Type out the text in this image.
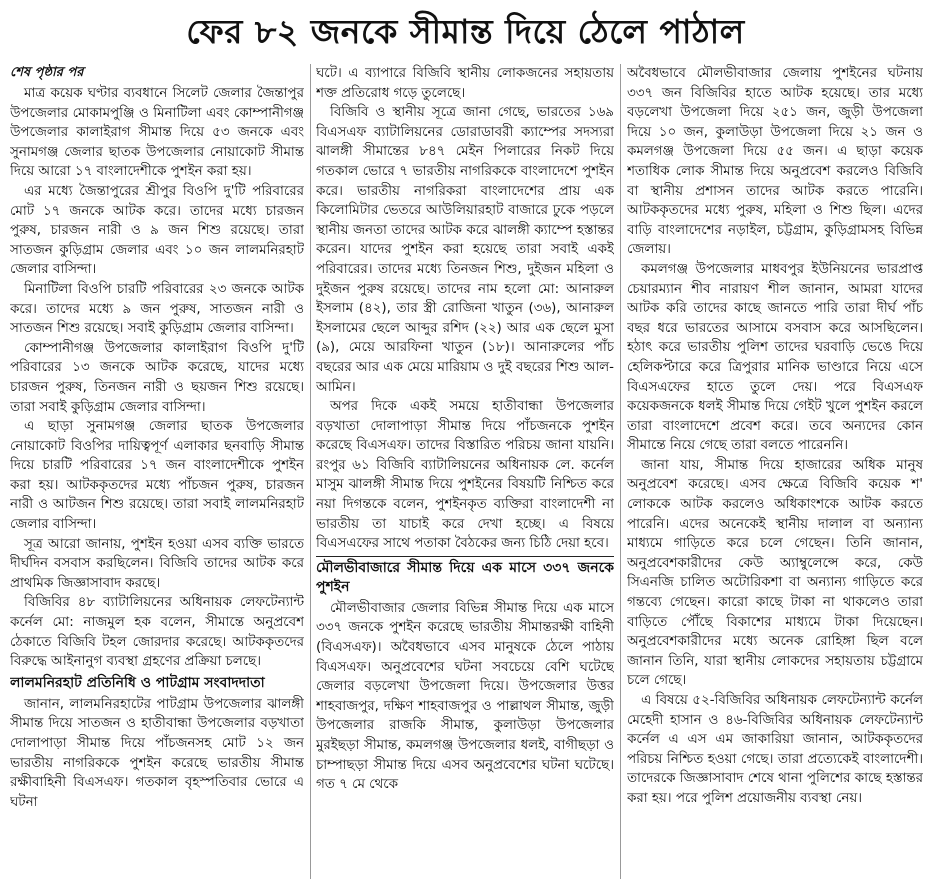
ফের ৮২ জনকে সীমান্ত দিয়ে ঠেলে পাঠাল
শেষ পৃষ্ঠার পর

মাত্র কয়েক ঘণ্টার ব্যবধানে সিলেট জেলার জৈন্তাপুর উপজেলার মোকামপুঞ্জি ও মিনাটিলা এবং কোম্পানীগঞ্জ উপজেলার কালাইরাগ সীমান্ত দিয়ে ৫৩ জনকে এবং সুনামগঞ্জ জেলার ছাতক উপজেলার নোয়াকোট সীমান্ত দিয়ে আরো ১৭ বাংলাদেশীকে পুশইন করা হয়।

এর মধ্যে জৈন্তাপুরের শ্রীপুর বিওপি দু'টি পরিবারের মোট ১৭ জনকে আটক করে। তাদের মধ্যে চারজন পুরুষ, চারজন নারী ও ৯ জন শিশু রয়েছে। তারা সাতজন কুড়িগ্রাম জেলার এবং ১০ জন লালমনিরহাট জেলার বাসিন্দা।

মিনাটিলা বিওপি চারটি পরিবারের ২৩ জনকে আটক করে। তাদের মধ্যে ৯ জন পুরুষ, সাতজন নারী ও সাতজন শিশু রয়েছে। সবাই কুড়িগ্রাম জেলার বাসিন্দা।

কোম্পানীগঞ্জ উপজেলার কালাইরাগ বিওপি দু'টি পরিবারের ১৩ জনকে আটক করেছে, যাদের মধ্যে চারজন পুরুষ, তিনজন নারী ও ছয়জন শিশু রয়েছে। তারা সবাই কুড়িগ্রাম জেলার বাসিন্দা।

এ ছাড়া সুনামগঞ্জ জেলার ছাতক উপজেলার নোয়াকোট বিওপির দায়িত্বপূর্ণ এলাকার ছনবাড়ি সীমান্ত দিয়ে চারটি পরিবারের ১৭ জন বাংলাদেশীকে পুশইন করা হয়। আটককৃতদের মধ্যে পাঁচজন পুরুষ, চারজন নারী ও আটজন শিশু রয়েছে। তারা সবাই লালমনিরহাট জেলার বাসিন্দা।

সূত্র আরো জানায়, পুশইন হওয়া এসব ব্যক্তি ভারতে দীর্ঘদিন বসবাস করছিলেন। বিজিবি তাদের আটক করে প্রাথমিক জিজ্ঞাসাবাদ করছে।

বিজিবির ৪৮ ব্যাটালিয়নের অধিনায়ক লেফটেন্যান্ট কর্নেল মো: নাজমুল হক বলেন, সীমান্তে অনুপ্রবেশ ঠেকাতে বিজিবি টহল জোরদার করেছে। আটককৃতদের বিরুদ্ধে আইনানুগ ব্যবস্থা গ্রহণের প্রক্রিয়া চলছে।

লালমনিরহাট প্রতিনিধি ও পাটগ্রাম সংবাদদাতা

জানান, লালমনিরহাটের পাটগ্রাম উপজেলার ঝালঙ্গী সীমান্ত দিয়ে সাতজন ও হাতীবান্ধা উপজেলার বড়খাতা দোলাপাড়া সীমান্ত দিয়ে পাঁচজনসহ মোট ১২ জন ভারতীয় নাগরিককে পুশইন করেছে ভারতীয় সীমান্ত রক্ষীবাহিনী বিএসএফ। গতকাল বৃহস্পতিবার ভোরে এ ঘটনা

ঘটে। এ ব্যাপারে বিজিবি স্থানীয় লোকজনের সহায়তায় শক্ত প্রতিরোধ গড়ে তুলেছে।

বিজিবি ও স্থানীয় সূত্রে জানা গেছে, ভারতের ১৬৯ বিএসএফ ব্যাটালিয়নের ডোরাডাবরী ক্যাম্পের সদস্যরা ঝালঙ্গী সীমান্তের ৮৪৭ মেইন পিলারের নিকট দিয়ে গতকাল ভোরে ৭ ভারতীয় নাগরিককে বাংলাদেশে পুশইন করে। ভারতীয় নাগরিকরা বাংলাদেশের প্রায় এক কিলোমিটার ভেতরে আউলিয়ারহাট বাজারে ঢুকে পড়লে স্থানীয় জনতা তাদের আটক করে ঝালঙ্গী ক্যাম্পে হস্তান্তর করেন। যাদের পুশইন করা হয়েছে তারা সবাই একই পরিবারের। তাদের মধ্যে তিনজন শিশু, দুইজন মহিলা ও দুইজন পুরুষ রয়েছে। তাদের নাম হলো মো: আনারুল ইসলাম (৪২), তার স্ত্রী রোজিনা খাতুন (৩৬), আনারুল ইসলামের ছেলে আব্দুর রশিদ (২২) আর এক ছেলে মুসা (৯), মেয়ে আরফিনা খাতুন (১৮)। আনারুলের পাঁচ বছরের আর এক মেয়ে মারিয়াম ও দুই বছরের শিশু আল-আমিন।

অপর দিকে একই সময়ে হাতীবান্ধা উপজেলার বড়খাতা দোলাপাড়া সীমান্ত দিয়ে পাঁচজনকে পুশইন করেছে বিএসএফ। তাদের বিস্তারিত পরিচয় জানা যায়নি। রংপুর ৬১ বিজিবি ব্যাটালিয়নের অধিনায়ক লে. কর্নেল মাসুম ঝালঙ্গী সীমান্ত দিয়ে পুশইনের বিষয়টি নিশ্চিত করে নয়া দিগন্তকে বলেন, পুশইনকৃত ব্যক্তিরা বাংলাদেশী না ভারতীয় তা যাচাই করে দেখা হচ্ছে। এ বিষয়ে বিএসএফের সাথে পতাকা বৈঠকের জন্য চিঠি দেয়া হবে।

মৌলভীবাজারে সীমান্ত দিয়ে এক মাসে ৩৩৭ জনকে পুশইন

মৌলভীবাজার জেলার বিভিন্ন সীমান্ত দিয়ে এক মাসে ৩৩৭ জনকে পুশইন করেছে ভারতীয় সীমান্তরক্ষী বাহিনী (বিএসএফ)। অবৈধভাবে এসব মানুষকে ঠেলে পাঠায় বিএসএফ। অনুপ্রবেশের ঘটনা সবচেয়ে বেশি ঘটেছে জেলার বড়লেখা উপজেলা দিয়ে। উপজেলার উত্তর শাহবাজপুর, দক্ষিণ শাহবাজপুর ও পাল্লাথল সীমান্ত, জুড়ী উপজেলার রাজকি সীমান্ত, কুলাউড়া উপজেলার মুরইছড়া সীমান্ত, কমলগঞ্জ উপজেলার ধলই, বাগীছড়া ও চাম্পাছড়া সীমান্ত দিয়ে এসব অনুপ্রবেশের ঘটনা ঘটেছে। গত ৭ মে থেকে

অবৈধভাবে মৌলভীবাজার জেলায় পুশইনের ঘটনায় ৩৩৭ জন বিজিবির হাতে আটক হয়েছে। তার মধ্যে বড়লেখা উপজেলা দিয়ে ২৫১ জন, জুড়ী উপজেলা দিয়ে ১০ জন, কুলাউড়া উপজেলা দিয়ে ২১ জন ও কমলগঞ্জ উপজেলা দিয়ে ৫৫ জন। এ ছাড়া কয়েক শতাধিক লোক সীমান্ত দিয়ে অনুপ্রবেশ করলেও বিজিবি বা স্থানীয় প্রশাসন তাদের আটক করতে পারেনি। আটককৃতদের মধ্যে পুরুষ, মহিলা ও শিশু ছিল। এদের বাড়ি বাংলাদেশের নড়াইল, চট্টগ্রাম, কুড়িগ্রামসহ বিভিন্ন জেলায়।

কমলগঞ্জ উপজেলার মাধবপুর ইউনিয়নের ভারপ্রাপ্ত চেয়ারম্যান শীব নারায়ণ শীল জানান, আমরা যাদের আটক করি তাদের কাছে জানতে পারি তারা দীর্ঘ পাঁচ বছর ধরে ভারতের আসামে বসবাস করে আসছিলেন। হঠাৎ করে ভারতীয় পুলিশ তাদের ঘরবাড়ি ভেঙে দিয়ে হেলিকপ্টারে করে ত্রিপুরার মানিক ভাণ্ডারে নিয়ে এসে বিএসএফের হাতে তুলে দেয়। পরে বিএসএফ কয়েকজনকে ধলই সীমান্ত দিয়ে গেইট খুলে পুশইন করলে তারা বাংলাদেশে প্রবেশ করে। তবে অন্যদের কোন সীমান্তে নিয়ে গেছে তারা বলতে পারেননি।

জানা যায়, সীমান্ত দিয়ে হাজারের অধিক মানুষ অনুপ্রবেশ করেছে। এসব ক্ষেত্রে বিজিবি কয়েক শ' লোককে আটক করলেও অধিকাংশকে আটক করতে পারেনি। এদের অনেকেই স্থানীয় দালাল বা অন্যান্য মাধ্যমে গাড়িতে করে চলে গেছেন। তিনি জানান, অনুপ্রবেশকারীদের কেউ অ্যাম্বুলেন্সে করে, কেউ সিএনজি চালিত অটোরিকশা বা অন্যান্য গাড়িতে করে গন্তব্যে গেছেন। কারো কাছে টাকা না থাকলেও তারা বাড়িতে পৌঁছে বিকাশের মাধ্যমে টাকা দিয়েছেন। অনুপ্রবেশকারীদের মধ্যে অনেক রোহিঙ্গা ছিল বলে জানান তিনি, যারা স্থানীয় লোকদের সহায়তায় চট্টগ্রামে চলে গেছে।

এ বিষয়ে ৫২-বিজিবির অধিনায়ক লেফটেন্যান্ট কর্নেল মেহেদী হাসান ও ৪৬-বিজিবির অধিনায়ক লেফটেন্যান্ট কর্নেল এ এস এম জাকারিয়া জানান, আটককৃতদের পরিচয় নিশ্চিত হওয়া গেছে। তারা প্রত্যেকেই বাংলাদেশী। তাদেরকে জিজ্ঞাসাবাদ শেষে থানা পুলিশের কাছে হস্তান্তর করা হয়। পরে পুলিশ প্রয়োজনীয় ব্যবস্থা নেয়।
